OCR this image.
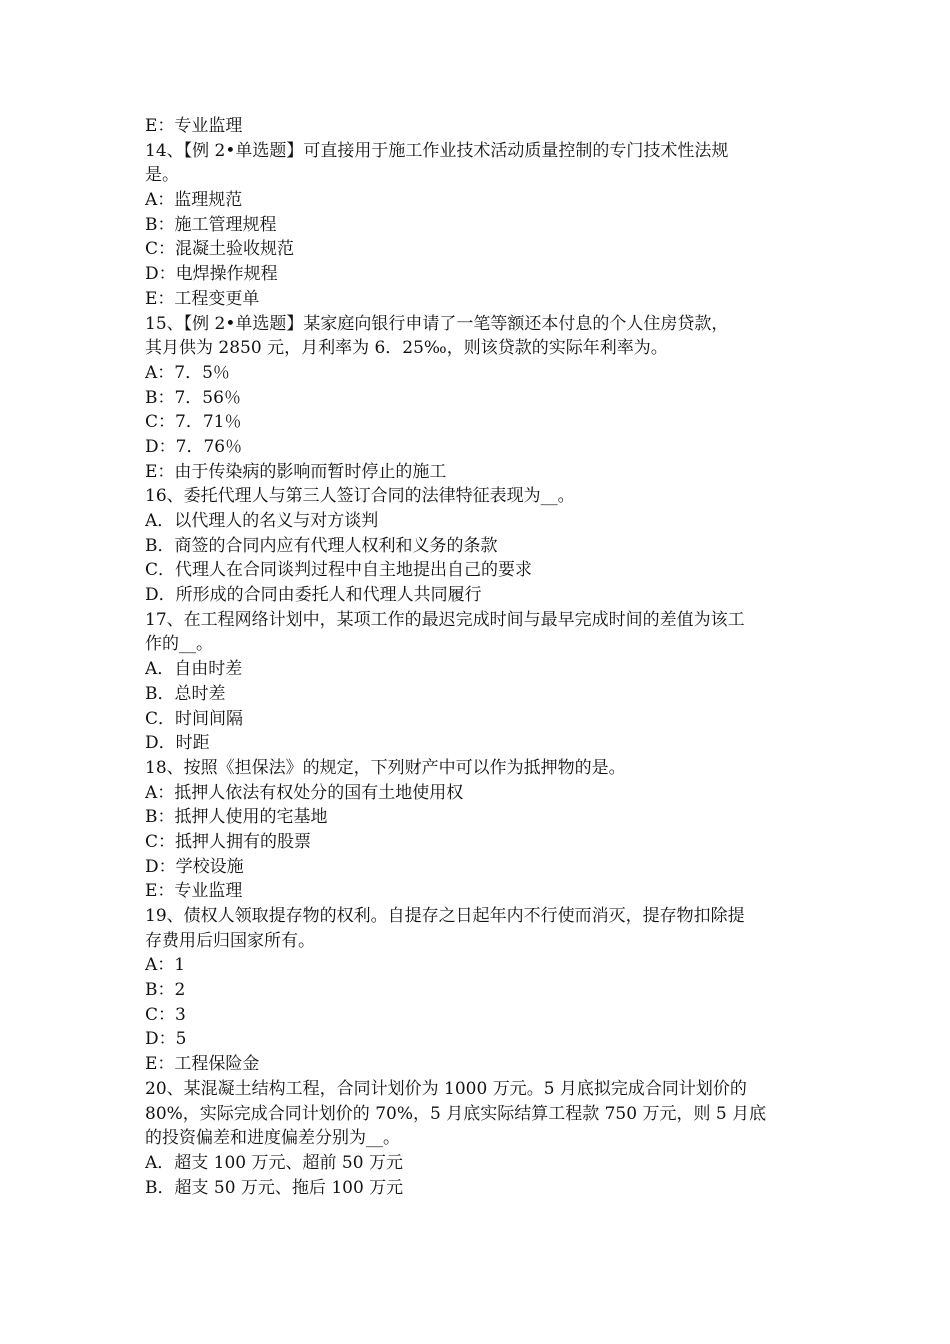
E：专业监理
14、【例 2•单选题】可直接用于施工作业技术活动质量控制的专门技术性法规
是。
A：监理规范
B：施工管理规程
C：混凝土验收规范
D：电焊操作规程
E：工程变更单
15、【例 2•单选题】某家庭向银行申请了一笔等额还本付息的个人住房贷款，
其月供为 2850 元，月利率为 6．25‰，则该贷款的实际年利率为。
A：7．5％
B：7．56％
C：7．71％
D：7．76％
E：由于传染病的影响而暂时停止的施工
16、委托代理人与第三人签订合同的法律特征表现为__。
A．以代理人的名义与对方谈判
B．商签的合同内应有代理人权利和义务的条款
C．代理人在合同谈判过程中自主地提出自己的要求
D．所形成的合同由委托人和代理人共同履行
17、在工程网络计划中，某项工作的最迟完成时间与最早完成时间的差值为该工
作的__。
A．自由时差
B．总时差
C．时间间隔
D．时距
18、按照《担保法》的规定，下列财产中可以作为抵押物的是。
A：抵押人依法有权处分的国有土地使用权
B：抵押人使用的宅基地
C：抵押人拥有的股票
D：学校设施
E：专业监理
19、债权人领取提存物的权利。自提存之日起年内不行使而消灭，提存物扣除提
存费用后归国家所有。
A：1
B：2
C：3
D：5
E：工程保险金
20、某混凝土结构工程，合同计划价为 1000 万元。5 月底拟完成合同计划价的
80%，实际完成合同计划价的 70%，5 月底实际结算工程款 750 万元，则 5 月底
的投资偏差和进度偏差分别为__。
A．超支 100 万元、超前 50 万元
B．超支 50 万元、拖后 100 万元
